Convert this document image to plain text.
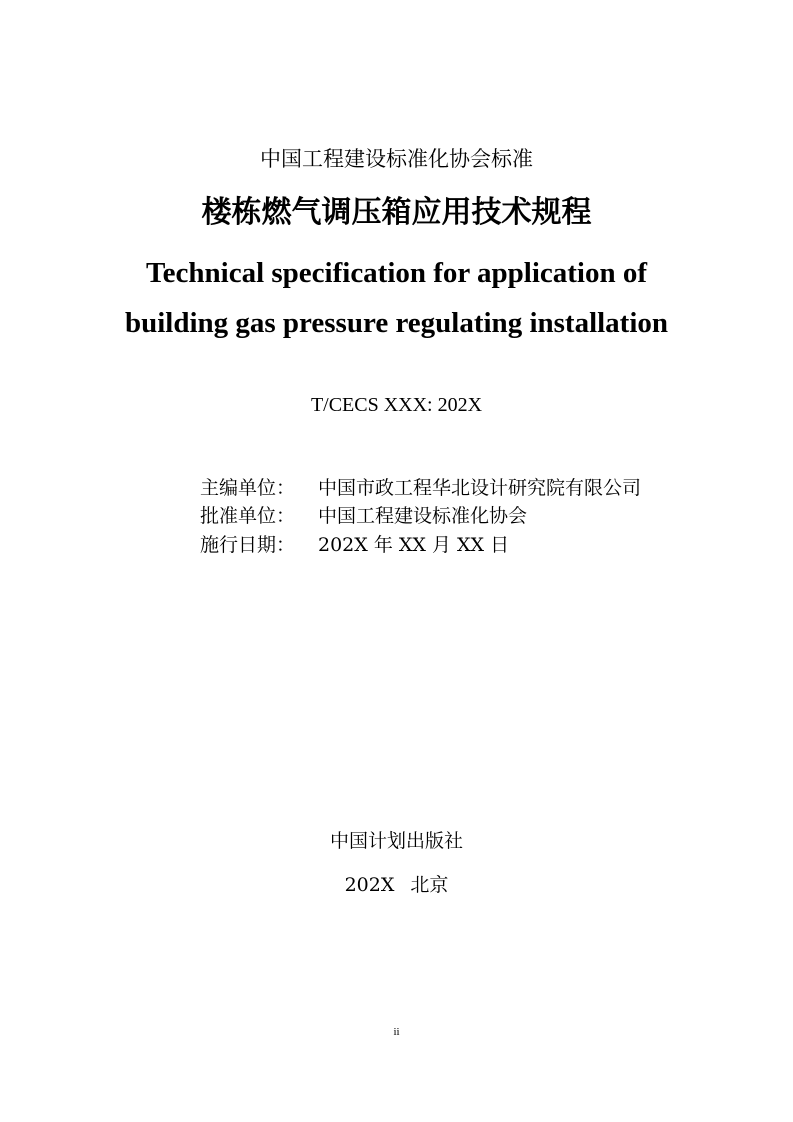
中国工程建设标准化协会标准
楼栋燃气调压箱应用技术规程
Technical specification for application of
building gas pressure regulating installation
T/CECS XXX: 202X
主编单位： 中国市政工程华北设计研究院有限公司
批准单位： 中国工程建设标准化协会
施行日期： 202X 年 XX 月 XX 日
中国计划出版社
202X 北京
ii
